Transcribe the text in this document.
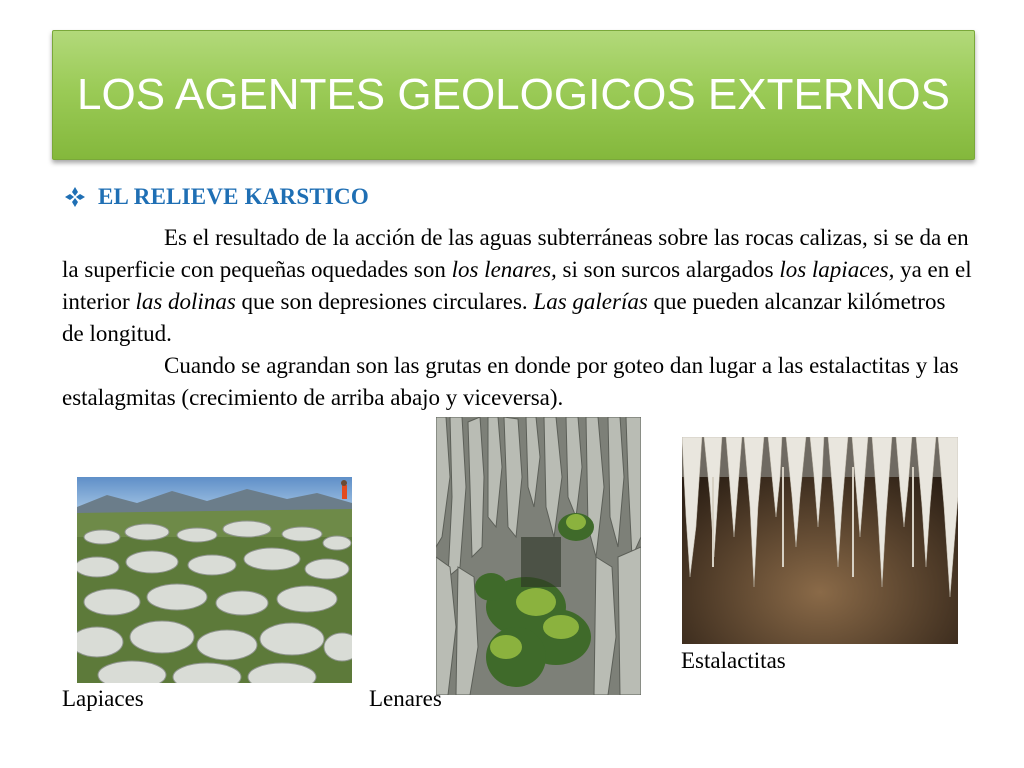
LOS AGENTES GEOLOGICOS EXTERNOS
EL RELIEVE KARSTICO

Es el resultado de la acción de las aguas subterráneas sobre las rocas calizas, si se da en la superficie con pequeñas oquedades son los lenares, si son surcos alargados los lapiaces, ya en el interior las dolinas que son depresiones circulares. Las galerías que pueden alcanzar kilómetros de longitud.

Cuando se agrandan son las grutas en donde por goteo dan lugar a las estalactitas y las estalagmitas (crecimiento de arriba abajo y viceversa).

Estalactitas
Lapiaces	Lenares
